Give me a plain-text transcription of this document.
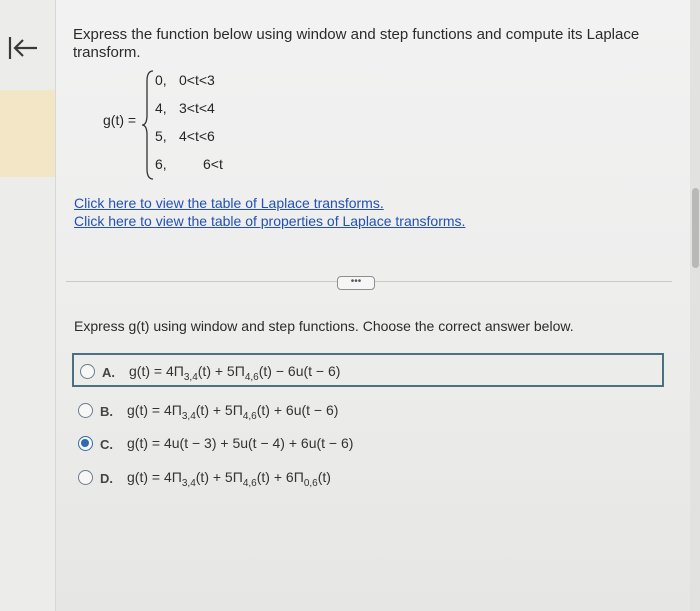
Express the function below using window and step functions and compute its Laplace
transform.
g(t) =
0, 0<t<3
4, 3<t<4
5, 4<t<6
6,	6<t
Click here to view the table of Laplace transforms.
Click here to view the table of properties of Laplace transforms.
•••
Express g(t) using window and step functions. Choose the correct answer below.
A. $g(t) = 4\Pi_{3,4}(t) + 5\Pi_{4,6}(t) - 6u(t - 6)$
B. $g(t) = 4\Pi_{3,4}(t) + 5\Pi_{4,6}(t) + 6u(t - 6)$
C. g(t) = 4u(t − 3) + 5u(t − 4) + 6u(t − 6)
D. $g(t) = 4\Pi_{3,4}(t) + 5\Pi_{4,6}(t) + 6\Pi_{0,6}(t)$
